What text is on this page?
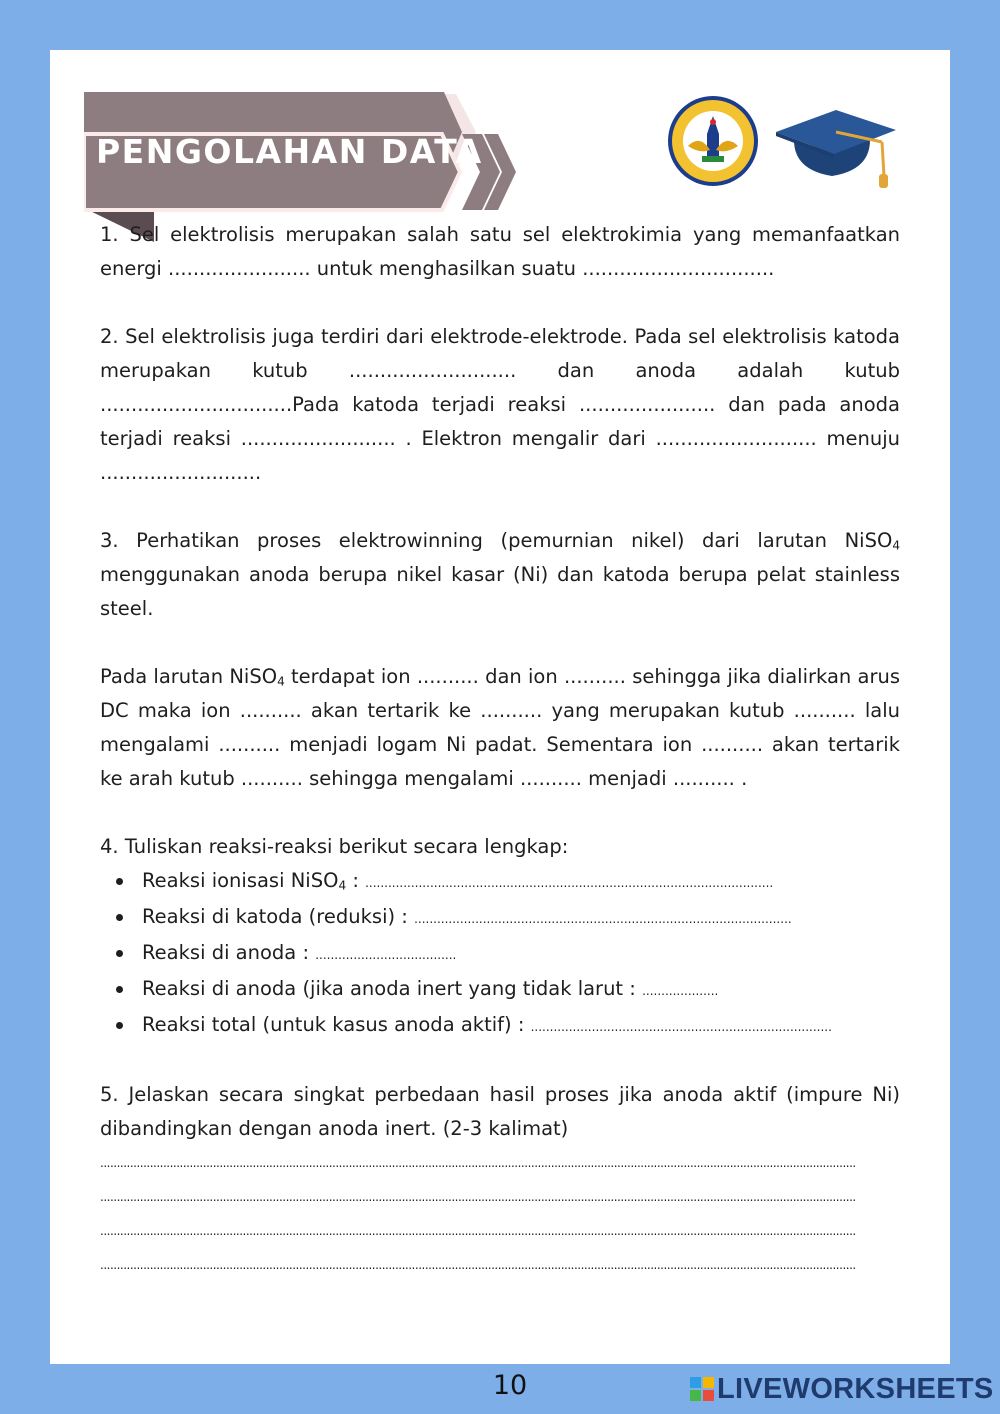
PENGOLAHAN DATA

1. Sel elektrolisis merupakan salah satu sel elektrokimia yang memanfaatkan energi ....................... untuk menghasilkan suatu ...............................

2. Sel elektrolisis juga terdiri dari elektrode-elektrode. Pada sel elektrolisis katoda merupakan kutub ........................... dan anoda adalah kutub ...............................Pada katoda terjadi reaksi ...................... dan pada anoda terjadi reaksi ......................... . Elektron mengalir dari .......................... menuju ..........................

3. Perhatikan proses elektrowinning (pemurnian nikel) dari larutan NiSO$_4$ menggunakan anoda berupa nikel kasar (Ni) dan katoda berupa pelat stainless steel.

Pada larutan NiSO$_4$ terdapat ion .......... dan ion .......... sehingga jika dialirkan arus DC maka ion .......... akan tertarik ke .......... yang merupakan kutub .......... lalu mengalami .......... menjadi logam Ni padat. Sementara ion .......... akan tertarik ke arah kutub .......... sehingga mengalami .......... menjadi .......... .

4. Tuliskan reaksi-reaksi berikut secara lengkap:

Reaksi ionisasi NiSO$_4$ : ...........................................................................................................
Reaksi di katoda (reduksi) : ...................................................................................................
Reaksi di anoda : .....................................
Reaksi di anoda (jika anoda inert yang tidak larut : ....................
Reaksi total (untuk kasus anoda aktif) : ...............................................................................

5. Jelaskan secara singkat perbedaan hasil proses jika anoda aktif (impure Ni) dibandingkan dengan anoda inert. (2-3 kalimat)

....................................................................................................................................................................................................................................
....................................................................................................................................................................................................................................
....................................................................................................................................................................................................................................
....................................................................................................................................................................................................................................
10	LIVEWORKSHEETS
